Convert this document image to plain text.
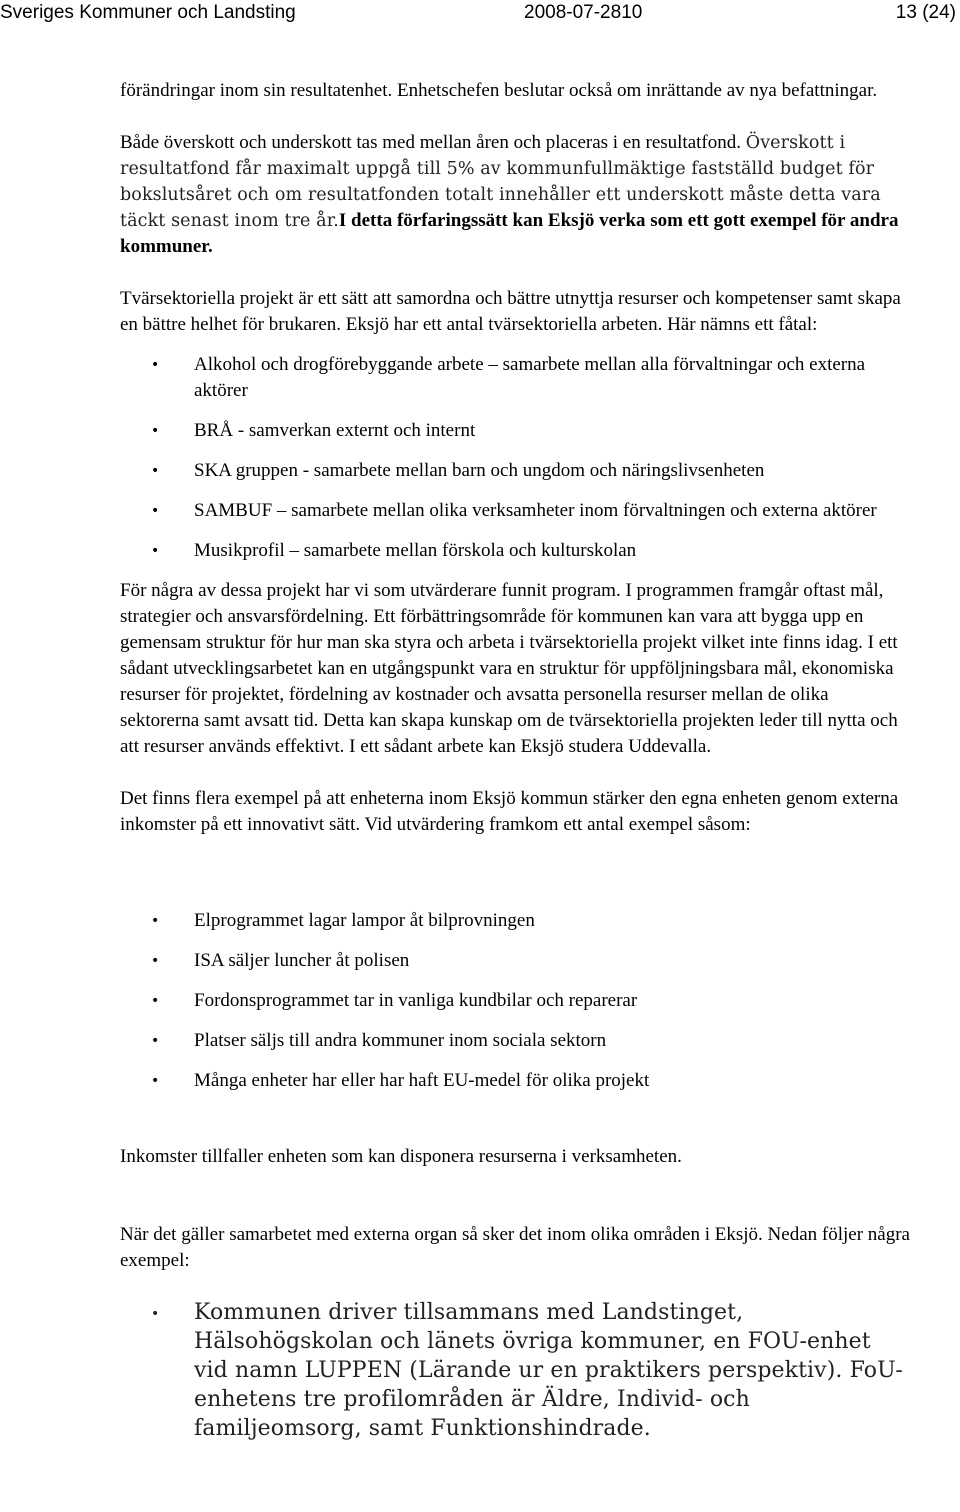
Sveriges Kommuner och Landsting	2008-07-2810	13 (24)

förändringar inom sin resultatenhet. Enhetschefen beslutar också om inrättande av nya befattningar.

Både överskott och underskott tas med mellan åren och placeras i en resultatfond. Överskott i resultatfond får maximalt uppgå till 5% av kommunfullmäktige fastställd budget för bokslutsåret och om resultatfonden totalt innehåller ett underskott måste detta vara täckt senast inom tre år.I detta förfaringssätt kan Eksjö verka som ett gott exempel för andra kommuner.

Tvärsektoriella projekt är ett sätt att samordna och bättre utnyttja resurser och kompetenser samt skapa en bättre helhet för brukaren. Eksjö har ett antal tvärsektoriella arbeten. Här nämns ett fåtal:

• Alkohol och drogförebyggande arbete – samarbete mellan alla förvaltningar och externa aktörer
• BRÅ - samverkan externt och internt
• SKA gruppen - samarbete mellan barn och ungdom och näringslivsenheten
• SAMBUF – samarbete mellan olika verksamheter inom förvaltningen och externa aktörer
• Musikprofil – samarbete mellan förskola och kulturskolan

För några av dessa projekt har vi som utvärderare funnit program. I programmen framgår oftast mål, strategier och ansvarsfördelning. Ett förbättringsområde för kommunen kan vara att bygga upp en gemensam struktur för hur man ska styra och arbeta i tvärsektoriella projekt vilket inte finns idag. I ett sådant utvecklingsarbetet kan en utgångspunkt vara en struktur för uppföljningsbara mål, ekonomiska resurser för projektet, fördelning av kostnader och avsatta personella resurser mellan de olika sektorerna samt avsatt tid. Detta kan skapa kunskap om de tvärsektoriella projekten leder till nytta och att resurser används effektivt. I ett sådant arbete kan Eksjö studera Uddevalla.

Det finns flera exempel på att enheterna inom Eksjö kommun stärker den egna enheten genom externa inkomster på ett innovativt sätt. Vid utvärdering framkom ett antal exempel såsom:

• Elprogrammet lagar lampor åt bilprovningen
• ISA säljer luncher åt polisen
• Fordonsprogrammet tar in vanliga kundbilar och reparerar
• Platser säljs till andra kommuner inom sociala sektorn
• Många enheter har eller har haft EU-medel för olika projekt

Inkomster tillfaller enheten som kan disponera resurserna i verksamheten.

När det gäller samarbetet med externa organ så sker det inom olika områden i Eksjö. Nedan följer några exempel:

• Kommunen driver tillsammans med Landstinget, Hälsohögskolan och länets övriga kommuner, en FOU-enhet vid namn LUPPEN (Lärande ur en praktikers perspektiv). FoU-enhetens tre profilområden är Äldre, Individ- och familjeomsorg, samt Funktionshindrade.
